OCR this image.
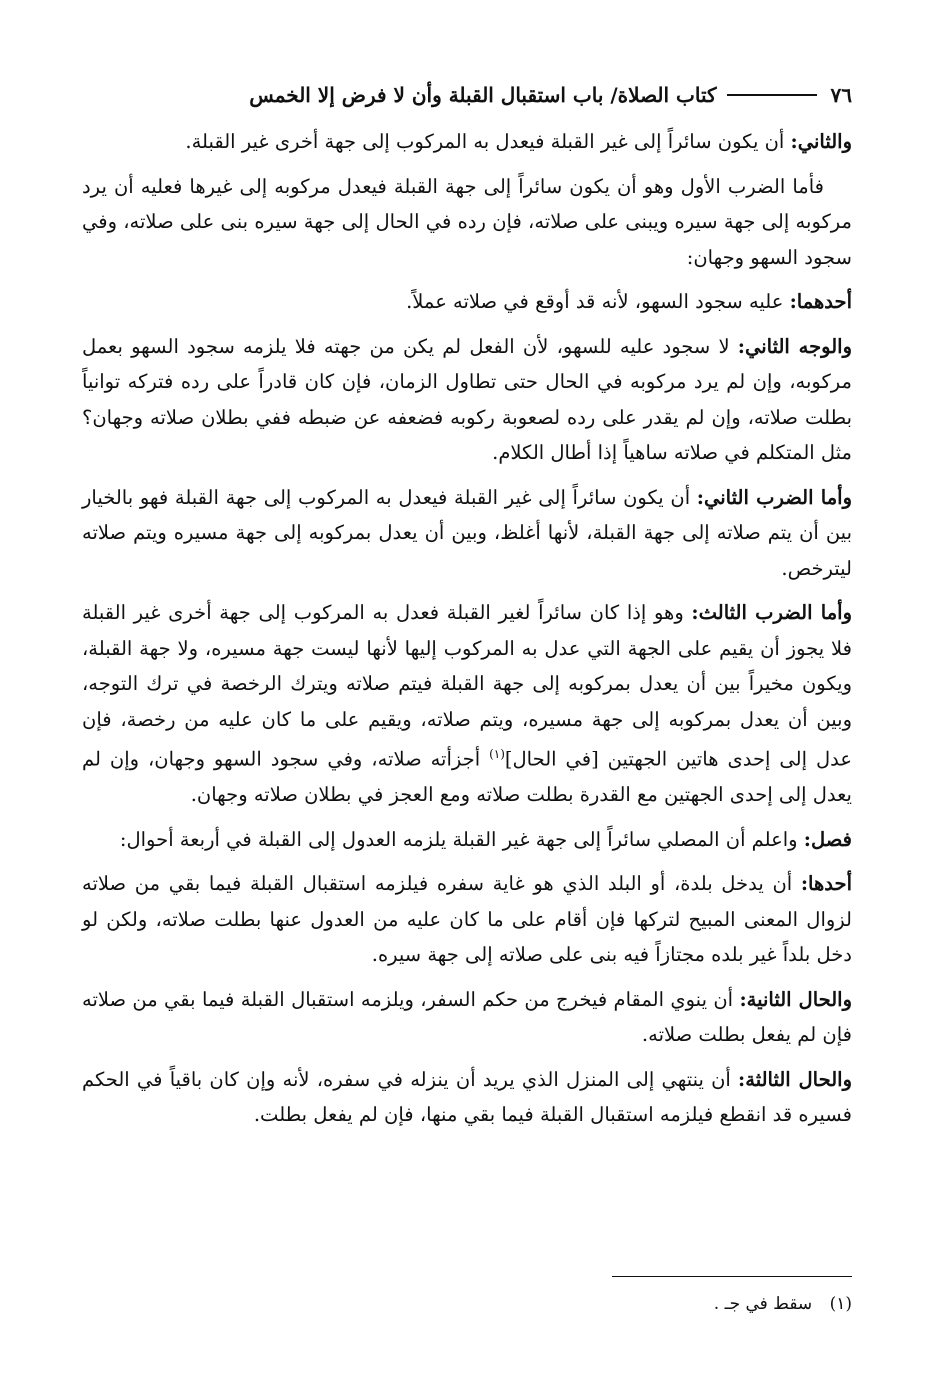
٧٦
كتاب الصلاة/ باب استقبال القبلة وأن لا فرض إلا الخمس

والثاني: أن يكون سائراً إلى غير القبلة فيعدل به المركوب إلى جهة أخرى غير القبلة.

فأما الضرب الأول وهو أن يكون سائراً إلى جهة القبلة فيعدل مركوبه إلى غيرها فعليه أن يرد مركوبه إلى جهة سيره ويبنى على صلاته، فإن رده في الحال إلى جهة سيره بنى على صلاته، وفي سجود السهو وجهان:

أحدهما: عليه سجود السهو، لأنه قد أوقع في صلاته عملاً.

والوجه الثاني: لا سجود عليه للسهو، لأن الفعل لم يكن من جهته فلا يلزمه سجود السهو بعمل مركوبه، وإن لم يرد مركوبه في الحال حتى تطاول الزمان، فإن كان قادراً على رده فتركه توانياً بطلت صلاته، وإن لم يقدر على رده لصعوبة ركوبه فضعفه عن ضبطه ففي بطلان صلاته وجهان؟ مثل المتكلم في صلاته ساهياً إذا أطال الكلام.

وأما الضرب الثاني: أن يكون سائراً إلى غير القبلة فيعدل به المركوب إلى جهة القبلة فهو بالخيار بين أن يتم صلاته إلى جهة القبلة، لأنها أغلظ، وبين أن يعدل بمركوبه إلى جهة مسيره ويتم صلاته ليترخص.

وأما الضرب الثالث: وهو إذا كان سائراً لغير القبلة فعدل به المركوب إلى جهة أخرى غير القبلة فلا يجوز أن يقيم على الجهة التي عدل به المركوب إليها لأنها ليست جهة مسيره، ولا جهة القبلة، ويكون مخيراً بين أن يعدل بمركوبه إلى جهة القبلة فيتم صلاته ويترك الرخصة في ترك التوجه، وبين أن يعدل بمركوبه إلى جهة مسيره، ويتم صلاته، ويقيم على ما كان عليه من رخصة، فإن عدل إلى إحدى هاتين الجهتين [في الحال]$^{(١)}$ أجزأته صلاته، وفي سجود السهو وجهان، وإن لم يعدل إلى إحدى الجهتين مع القدرة بطلت صلاته ومع العجز في بطلان صلاته وجهان.

فصل: واعلم أن المصلي سائراً إلى جهة غير القبلة يلزمه العدول إلى القبلة في أربعة أحوال:

أحدها: أن يدخل بلدة، أو البلد الذي هو غاية سفره فيلزمه استقبال القبلة فيما بقي من صلاته لزوال المعنى المبيح لتركها فإن أقام على ما كان عليه من العدول عنها بطلت صلاته، ولكن لو دخل بلداً غير بلده مجتازاً فيه بنى على صلاته إلى جهة سيره.

والحال الثانية: أن ينوي المقام فيخرج من حكم السفر، ويلزمه استقبال القبلة فيما بقي من صلاته فإن لم يفعل بطلت صلاته.

والحال الثالثة: أن ينتهي إلى المنزل الذي يريد أن ينزله في سفره، لأنه وإن كان باقياً في الحكم فسيره قد انقطع فيلزمه استقبال القبلة فيما بقي منها، فإن لم يفعل بطلت.

(١) سقط في جـ .
